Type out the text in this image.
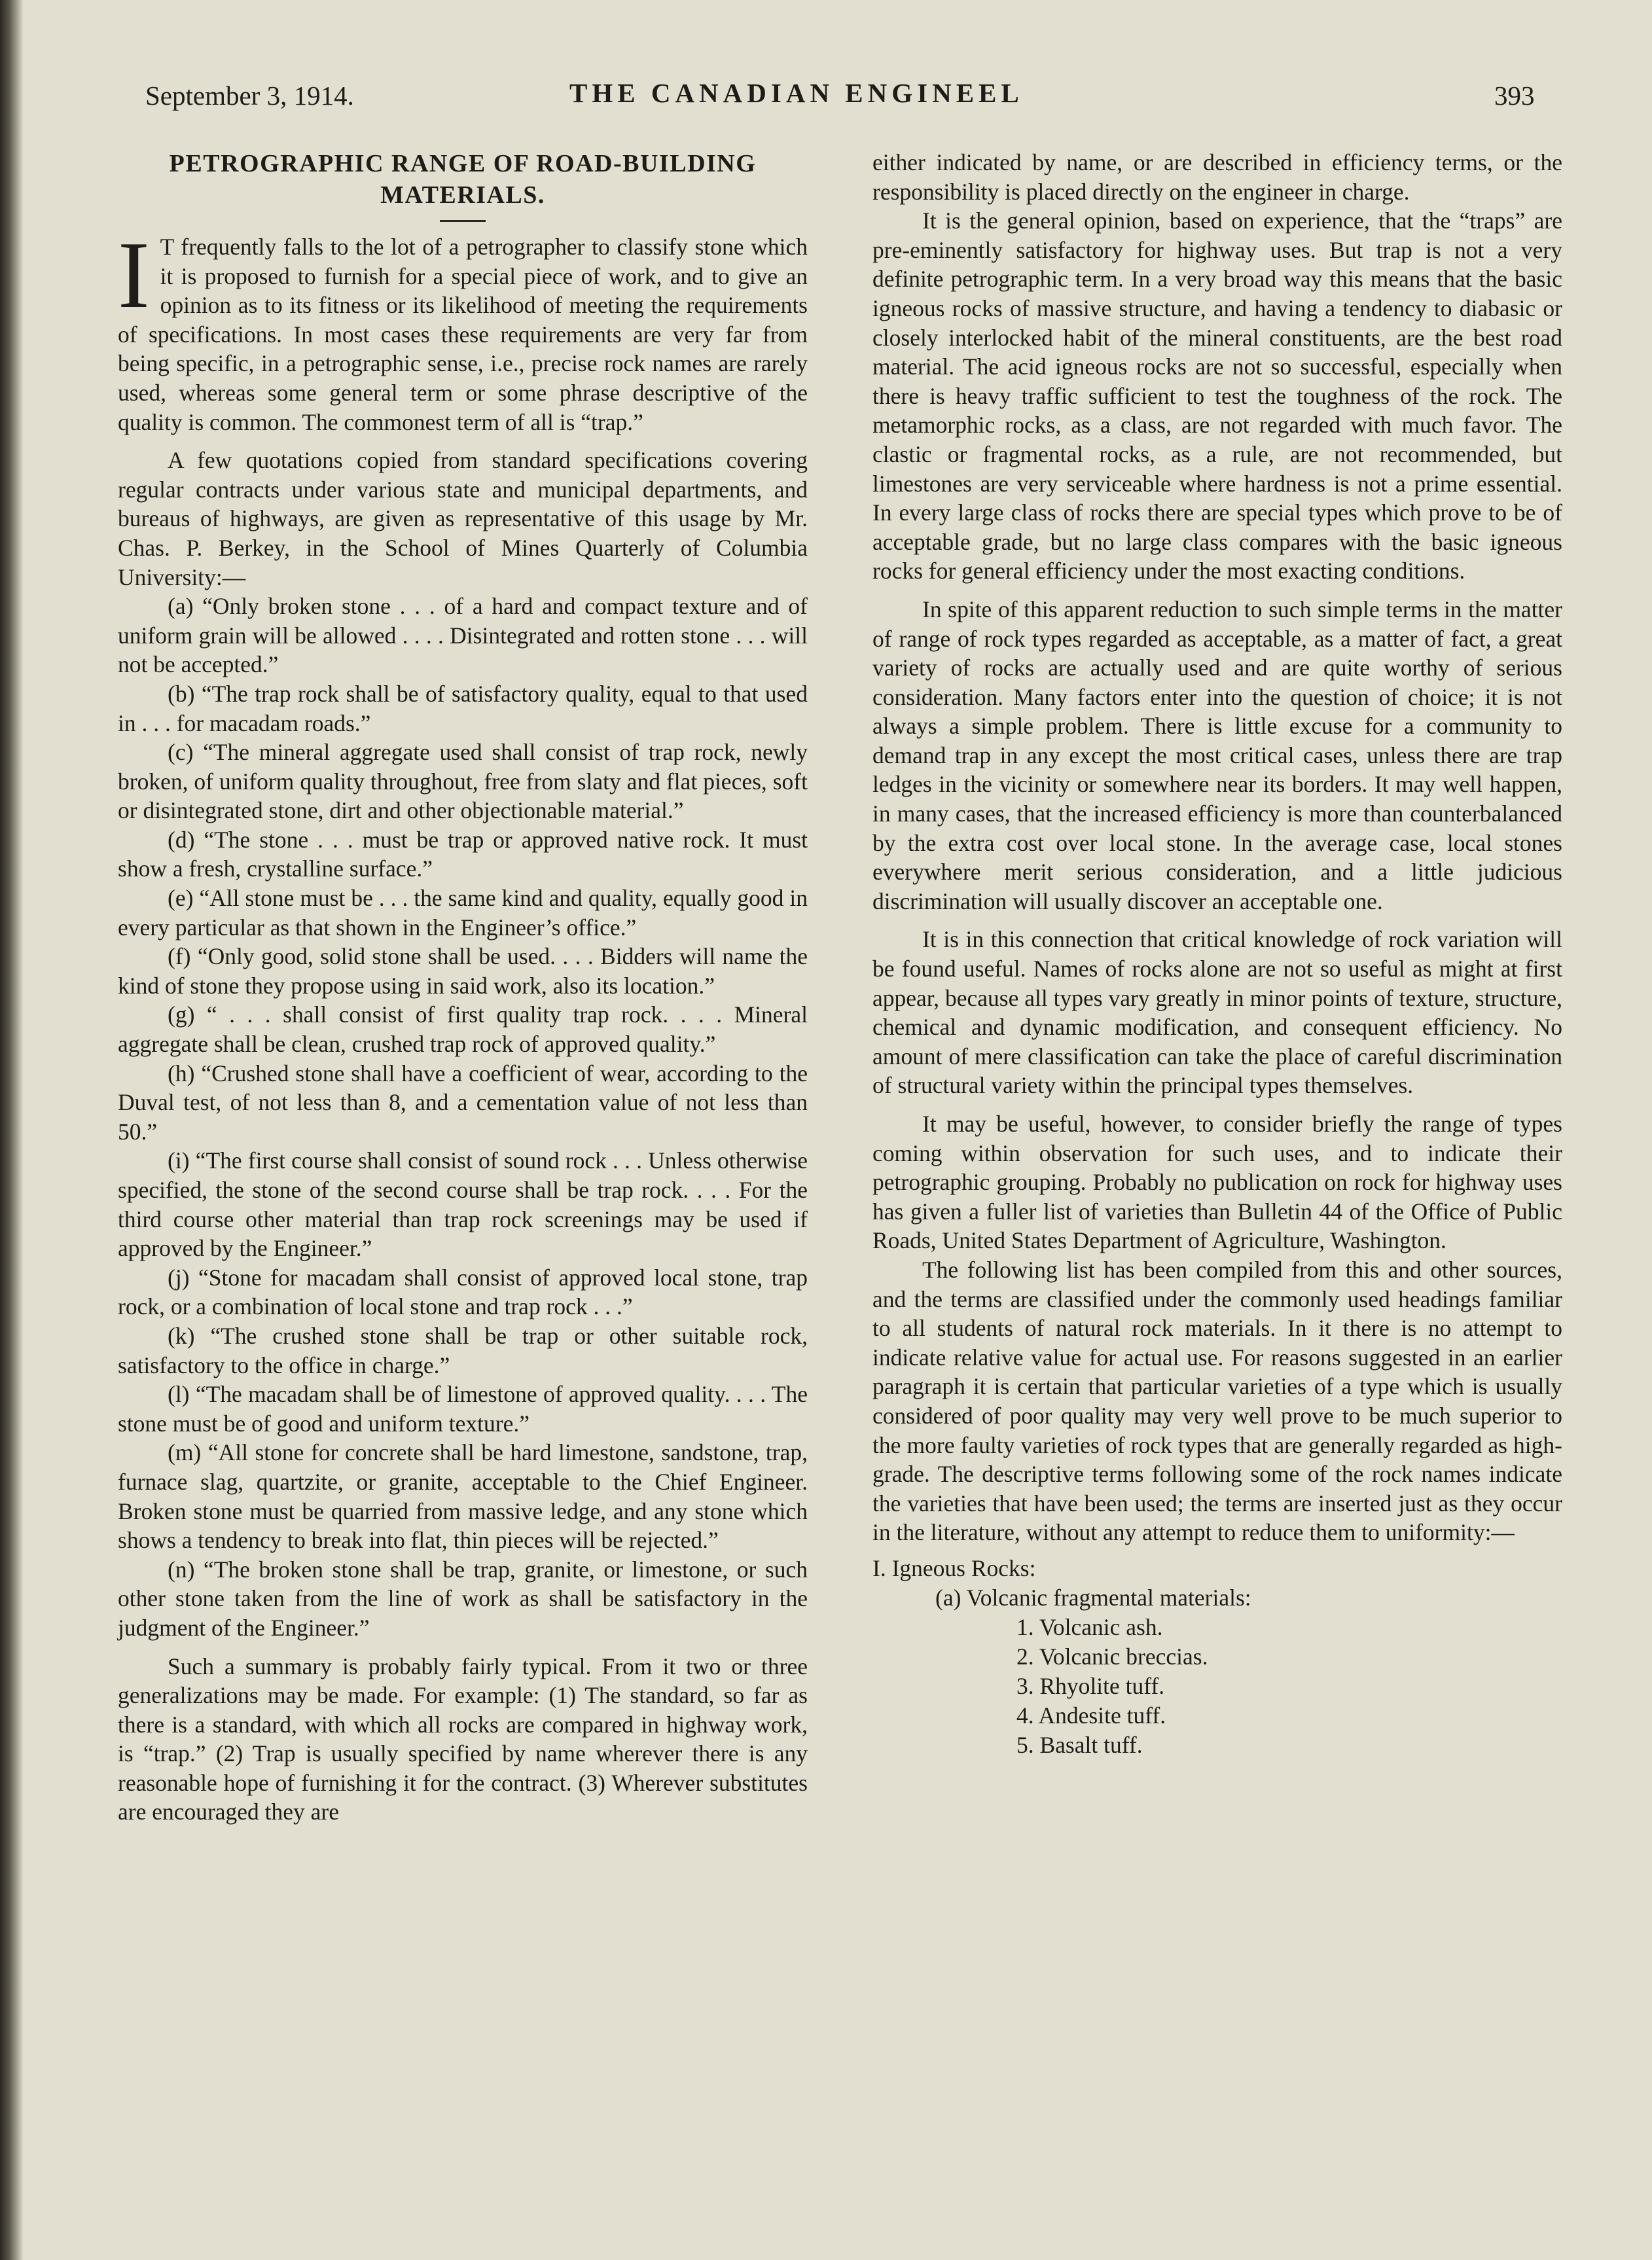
September 3, 1914.	THE CANADIAN ENGINEEL	393
PETROGRAPHIC RANGE OF ROAD-BUILDING
MATERIALS.

I T frequently falls to the lot of a petrographer to classify stone which it is proposed to furnish for a special piece of work, and to give an opinion as to its fitness or its likelihood of meeting the requirements of specifications. In most cases these requirements are very far from being specific, in a petrographic sense, i.e., precise rock names are rarely used, whereas some general term or some phrase descriptive of the quality is common. The commonest term of all is “trap.”

A few quotations copied from standard specifications covering regular contracts under various state and municipal departments, and bureaus of highways, are given as representative of this usage by Mr. Chas. P. Berkey, in the School of Mines Quarterly of Columbia University:—

(a) “Only broken stone . . . of a hard and compact texture and of uniform grain will be allowed . . . . Disintegrated and rotten stone . . . will not be accepted.”

(b) “The trap rock shall be of satisfactory quality, equal to that used in . . . for macadam roads.”

(c) “The mineral aggregate used shall consist of trap rock, newly broken, of uniform quality throughout, free from slaty and flat pieces, soft or disintegrated stone, dirt and other objectionable material.”

(d) “The stone . . . must be trap or approved native rock. It must show a fresh, crystalline surface.”

(e) “All stone must be . . . the same kind and quality, equally good in every particular as that shown in the Engineer’s office.”

(f) “Only good, solid stone shall be used. . . . Bidders will name the kind of stone they propose using in said work, also its location.”

(g) “ . . . shall consist of first quality trap rock. . . . Mineral aggregate shall be clean, crushed trap rock of approved quality.”

(h) “Crushed stone shall have a coefficient of wear, according to the Duval test, of not less than 8, and a cementation value of not less than 50.”

(i) “The first course shall consist of sound rock . . . Unless otherwise specified, the stone of the second course shall be trap rock. . . . For the third course other material than trap rock screenings may be used if approved by the Engineer.”

(j) “Stone for macadam shall consist of approved local stone, trap rock, or a combination of local stone and trap rock . . .”

(k) “The crushed stone shall be trap or other suitable rock, satisfactory to the office in charge.”

(l) “The macadam shall be of limestone of approved quality. . . . The stone must be of good and uniform texture.”

(m) “All stone for concrete shall be hard limestone, sandstone, trap, furnace slag, quartzite, or granite, acceptable to the Chief Engineer. Broken stone must be quarried from massive ledge, and any stone which shows a tendency to break into flat, thin pieces will be rejected.”

(n) “The broken stone shall be trap, granite, or limestone, or such other stone taken from the line of work as shall be satisfactory in the judgment of the Engineer.”

Such a summary is probably fairly typical. From it two or three generalizations may be made. For example: (1) The standard, so far as there is a standard, with which all rocks are compared in highway work, is “trap.” (2) Trap is usually specified by name wherever there is any reasonable hope of furnishing it for the contract. (3) Wherever substitutes are encouraged they are

either indicated by name, or are described in efficiency terms, or the responsibility is placed directly on the engineer in charge.

It is the general opinion, based on experience, that the “traps” are pre-eminently satisfactory for highway uses. But trap is not a very definite petrographic term. In a very broad way this means that the basic igneous rocks of massive structure, and having a tendency to diabasic or closely interlocked habit of the mineral constituents, are the best road material. The acid igneous rocks are not so successful, especially when there is heavy traffic sufficient to test the toughness of the rock. The metamorphic rocks, as a class, are not regarded with much favor. The clastic or fragmental rocks, as a rule, are not recommended, but limestones are very serviceable where hardness is not a prime essential. In every large class of rocks there are special types which prove to be of acceptable grade, but no large class compares with the basic igneous rocks for general efficiency under the most exacting conditions.

In spite of this apparent reduction to such simple terms in the matter of range of rock types regarded as acceptable, as a matter of fact, a great variety of rocks are actually used and are quite worthy of serious consideration. Many factors enter into the question of choice; it is not always a simple problem. There is little excuse for a community to demand trap in any except the most critical cases, unless there are trap ledges in the vicinity or somewhere near its borders. It may well happen, in many cases, that the increased efficiency is more than counterbalanced by the extra cost over local stone. In the average case, local stones everywhere merit serious consideration, and a little judicious discrimination will usually discover an acceptable one.

It is in this connection that critical knowledge of rock variation will be found useful. Names of rocks alone are not so useful as might at first appear, because all types vary greatly in minor points of texture, structure, chemical and dynamic modification, and consequent efficiency. No amount of mere classification can take the place of careful discrimination of structural variety within the principal types themselves.

It may be useful, however, to consider briefly the range of types coming within observation for such uses, and to indicate their petrographic grouping. Probably no publication on rock for highway uses has given a fuller list of varieties than Bulletin 44 of the Office of Public Roads, United States Department of Agriculture, Washington.

The following list has been compiled from this and other sources, and the terms are classified under the commonly used headings familiar to all students of natural rock materials. In it there is no attempt to indicate relative value for actual use. For reasons suggested in an earlier paragraph it is certain that particular varieties of a type which is usually considered of poor quality may very well prove to be much superior to the more faulty varieties of rock types that are generally regarded as high-grade. The descriptive terms following some of the rock names indicate the varieties that have been used; the terms are inserted just as they occur in the literature, without any attempt to reduce them to uniformity:—

I. Igneous Rocks:
(a) Volcanic fragmental materials:
1. Volcanic ash.
2. Volcanic breccias.
3. Rhyolite tuff.
4. Andesite tuff.
5. Basalt tuff.
